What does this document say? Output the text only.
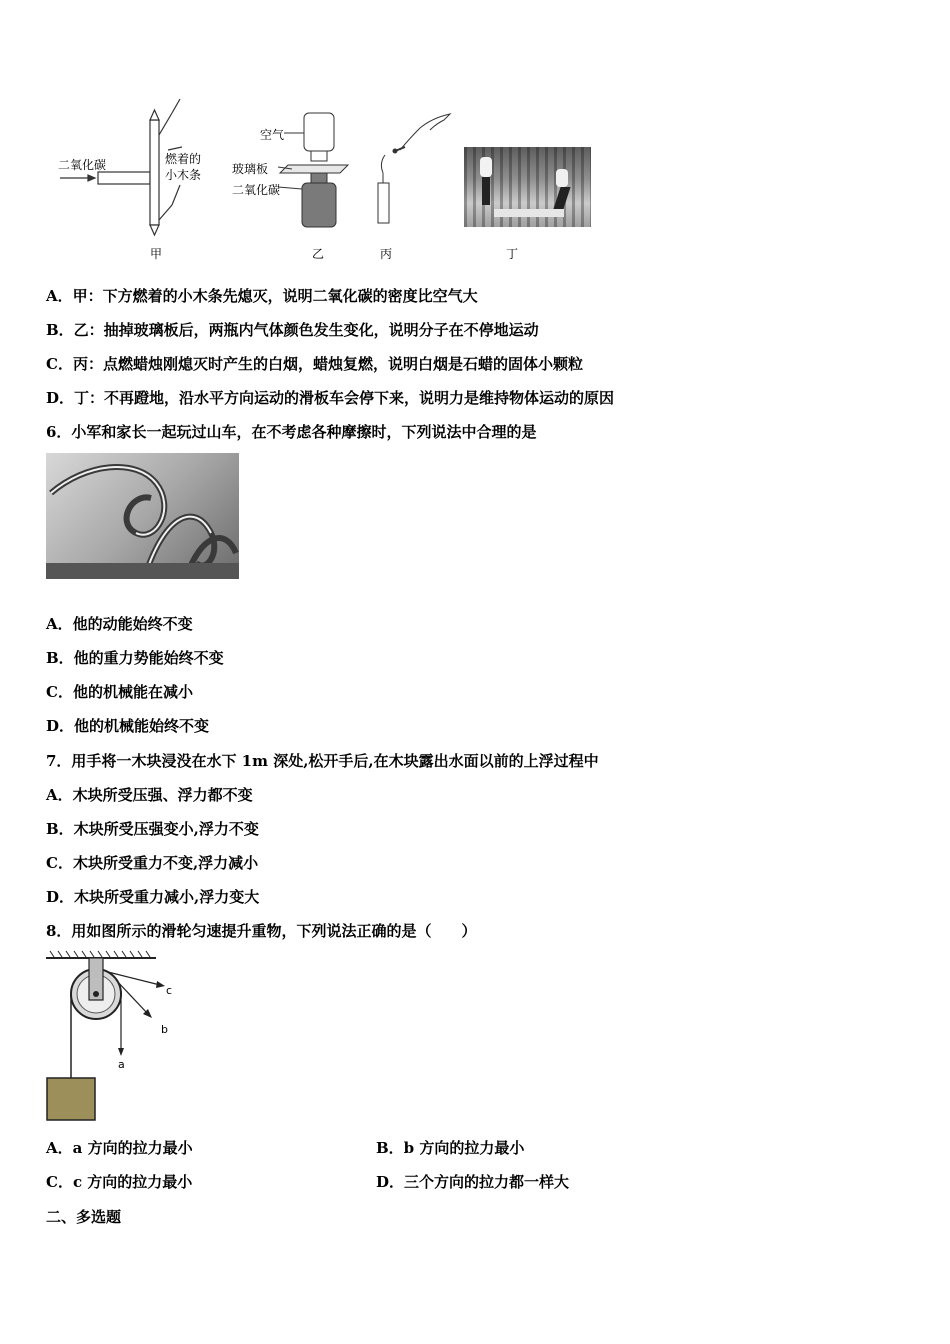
二氧化碳	燃着的
小木条
空气
玻璃板
二氧化碳
甲	乙	丙	丁
A．甲：下方燃着的小木条先熄灭，说明二氧化碳的密度比空气大
B．乙：抽掉玻璃板后，两瓶内气体颜色发生变化，说明分子在不停地运动
C．丙：点燃蜡烛刚熄灭时产生的白烟，蜡烛复燃，说明白烟是石蜡的固体小颗粒
D．丁：不再蹬地，沿水平方向运动的滑板车会停下来，说明力是维持物体运动的原因
6．小军和家长一起玩过山车，在不考虑各种摩擦时，下列说法中合理的是
A．他的动能始终不变
B．他的重力势能始终不变
C．他的机械能在减小
D．他的机械能始终不变
7．用手将一木块浸没在水下 1m 深处,松开手后,在木块露出水面以前的上浮过程中
A．木块所受压强、浮力都不变
B．木块所受压强变小,浮力不变
C．木块所受重力不变,浮力减小
D．木块所受重力减小,浮力变大
8．用如图所示的滑轮匀速提升重物，下列说法正确的是（　　）
c
b
a
A．a 方向的拉力最小	B．b 方向的拉力最小
C．c 方向的拉力最小	D．三个方向的拉力都一样大
二、多选题
